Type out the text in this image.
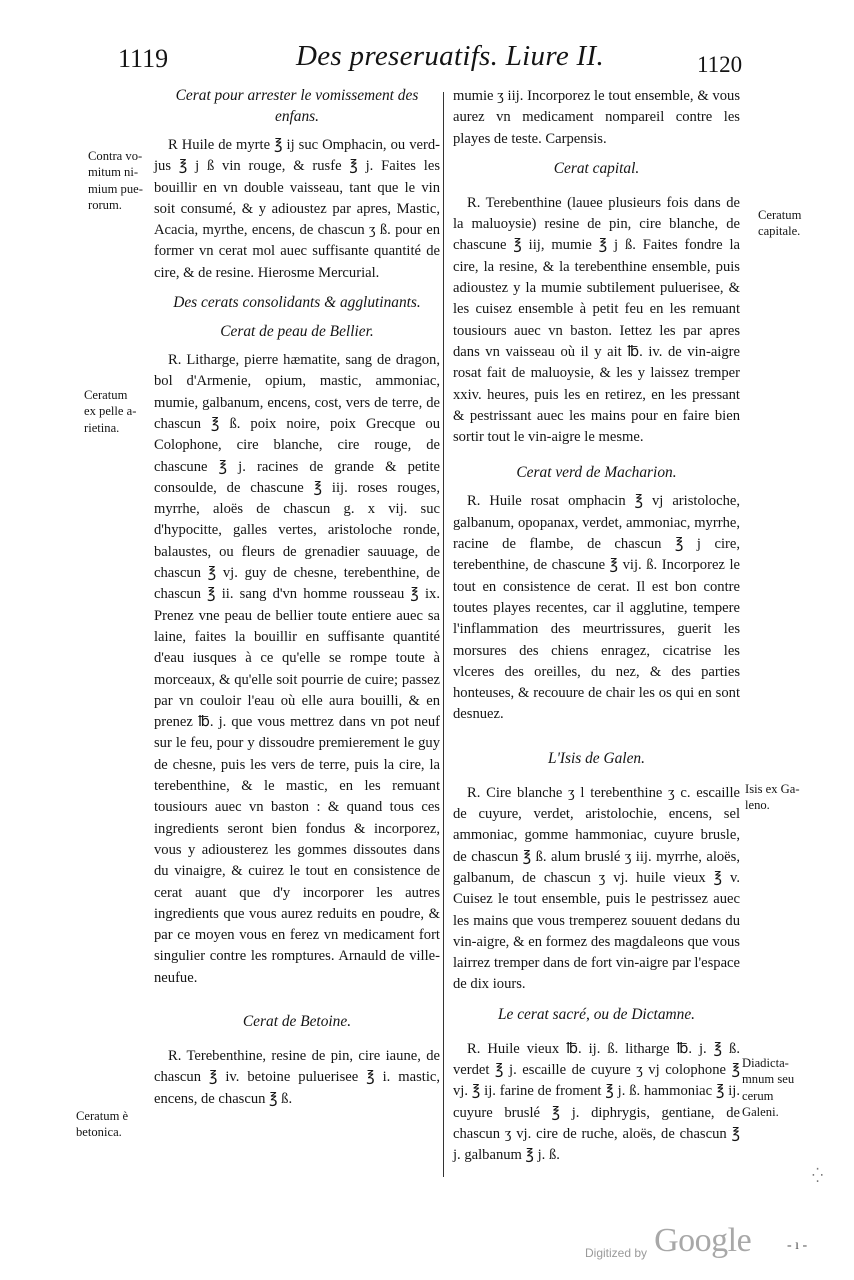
1119	Des preseruatifs. Liure II.	1120
Cerat pour arrester le vomissement des enfans.

R Huile de myrte ℥ ij suc Omphacin, ou verd-jus ℥ j ß vin rouge, & rusfe ℥ j. Faites les bouillir en vn double vaisseau, tant que le vin soit consumé, & y adioustez par apres, Mastic, Acacia, myrthe, encens, de chascun ʒ ß. pour en former vn cerat mol auec suffisante quantité de cire, & de resine. Hierosme Mercurial.

Des cerats consolidants & agglutinants.
Cerat de peau de Bellier.

R. Litharge, pierre hæmatite, sang de dragon, bol d'Armenie, opium, mastic, ammoniac, mumie, galbanum, encens, cost, vers de terre, de chascun ℥ ß. poix noire, poix Grecque ou Colophone, cire blanche, cire rouge, de chascune ℥ j. racines de grande & petite consoulde, de chascune ℥ iij. roses rouges, myrrhe, aloës de chascun g. x vij. suc d'hypocitte, galles vertes, aristoloche ronde, balaustes, ou fleurs de grenadier sauuage, de chascun ℥ vj. guy de chesne, terebenthine, de chascun ℥ ii. sang d'vn homme rousseau ℥ ix. Prenez vne peau de bellier toute entiere auec sa laine, faites la bouillir en suffisante quantité d'eau iusques à ce qu'elle se rompe toute à morceaux, & qu'elle soit pourrie de cuire; passez par vn couloir l'eau où elle aura bouilli, & en prenez ℔. j. que vous mettrez dans vn pot neuf sur le feu, pour y dissoudre premierement le guy de chesne, puis les vers de terre, puis la cire, la terebenthine, & le mastic, en les remuant tousiours auec vn baston : & quand tous ces ingredients seront bien fondus & incorporez, vous y adiousterez les gommes dissoutes dans du vinaigre, & cuirez le tout en consistence de cerat auant que d'y incorporer les autres ingredients que vous aurez reduits en poudre, & par ce moyen vous en ferez vn medicament fort singulier contre les romptures. Arnauld de ville-neufue.

Cerat de Betoine.

R. Terebenthine, resine de pin, cire iaune, de chascun ℥ iv. betoine puluerisee ℥ i. mastic, encens, de chascun ℥ ß.

mumie ʒ iij. Incorporez le tout ensemble, & vous aurez vn medicament nompareil contre les playes de teste. Carpensis.

Cerat capital.

R. Terebenthine (lauee plusieurs fois dans de la maluoysie) resine de pin, cire blanche, de chascune ℥ iij, mumie ℥ j ß. Faites fondre la cire, la resine, & la terebenthine ensemble, puis adioustez y la mumie subtilement puluerisee, & les cuisez ensemble à petit feu en les remuant tousiours auec vn baston. Iettez les par apres dans vn vaisseau où il y ait ℔. iv. de vin-aigre rosat fait de maluoysie, & les y laissez tremper xxiv. heures, puis les en retirez, en les pressant & pestrissant auec les mains pour en faire bien sortir tout le vin-aigre le mesme.

Cerat verd de Macharion.

R. Huile rosat omphacin ℥ vj aristoloche, galbanum, opopanax, verdet, ammoniac, myrrhe, racine de flambe, de chascun ℥ j cire, terebenthine, de chascune ℥ vij. ß. Incorporez le tout en consistence de cerat. Il est bon contre toutes playes recentes, car il agglutine, tempere l'inflammation des meurtrissures, guerit les morsures des chiens enragez, cicatrise les vlceres des oreilles, du nez, & des parties honteuses, & recouure de chair les os qui en sont desnuez.

L'Isis de Galen.

R. Cire blanche ʒ l terebenthine ʒ c. escaille de cuyure, verdet, aristolochie, encens, sel ammoniac, gomme hammoniac, cuyure brusle, de chascun ℥ ß. alum bruslé ʒ iij. myrrhe, aloës, galbanum, de chascun ʒ vj. huile vieux ℥ v. Cuisez le tout ensemble, puis le pestrissez auec les mains que vous tremperez souuent dedans du vin-aigre, & en formez des magdaleons que vous lairrez tremper dans de fort vin-aigre par l'espace de dix iours.

Le cerat sacré, ou de Dictamne.

R. Huile vieux ℔. ij. ß. litharge ℔. j. ℥ ß. verdet ℥ j. escaille de cuyure ʒ vj colophone ℥ vj. ℥ ij. farine de froment ℥ j. ß. hammoniac ℥ ij. cuyure bruslé ℥ j. diphrygis, gentiane, de chascun ʒ vj. cire de ruche, aloës, de chascun ℥ j. galbanum ℥ j. ß.

Contra vo-
mitum ni-
mium pue-
rorum.
Ceratum
ex pelle a-
rietina.
Ceratum è
betonica.
Ceratum
capitale.
Isis ex Ga-
leno.
Diadicta-
mnum seu
cerum
Galeni.
⁛
Digitized by Google	- ı -
